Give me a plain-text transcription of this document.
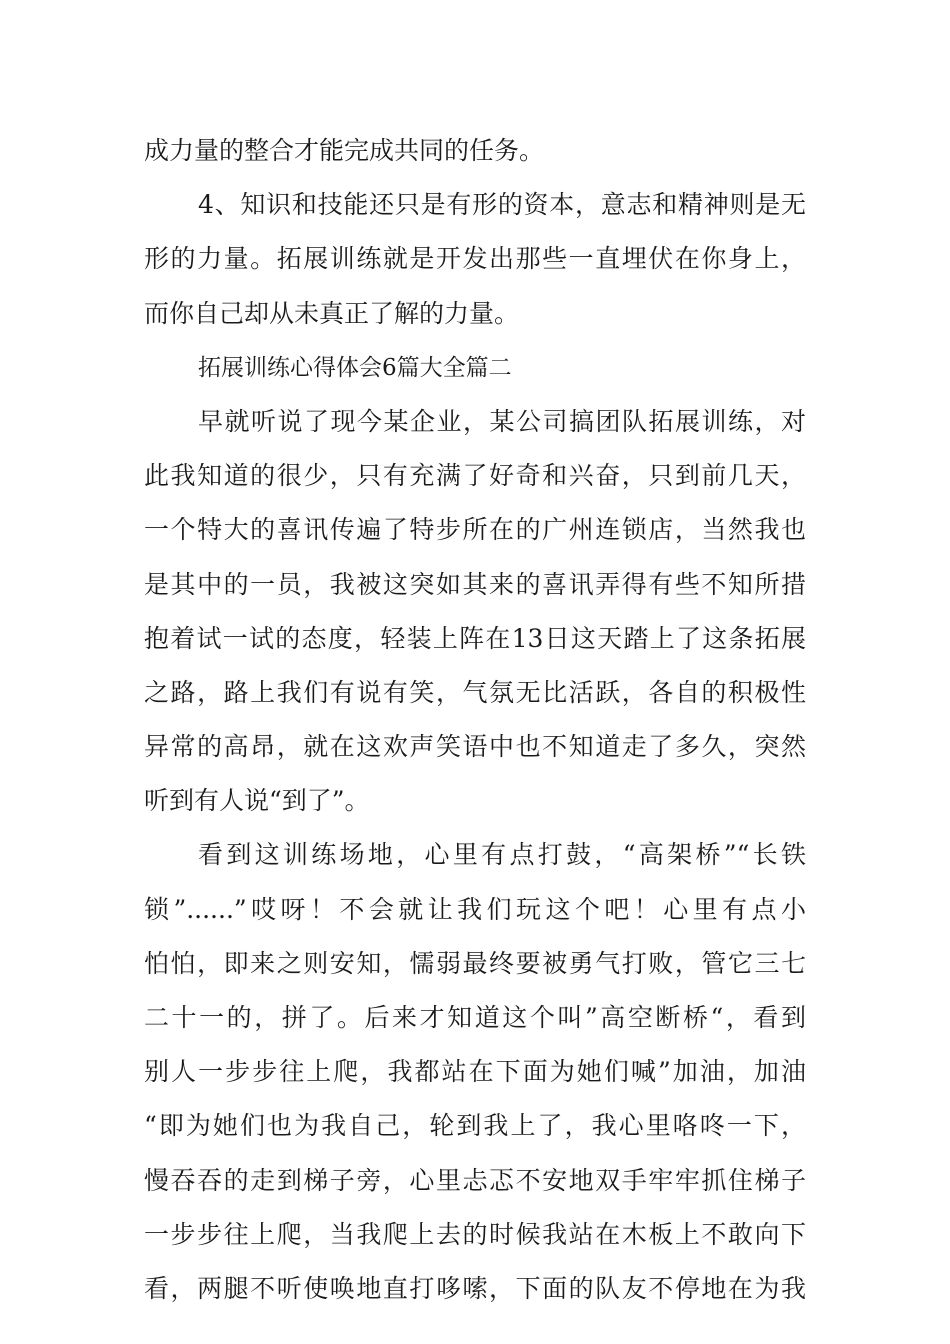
成力量的整合才能完成共同的任务。
4、知识和技能还只是有形的资本，意志和精神则是无
形的力量。拓展训练就是开发出那些一直埋伏在你身上，
而你自己却从未真正了解的力量。
拓展训练心得体会6篇大全篇二
早就听说了现今某企业，某公司搞团队拓展训练，对
此我知道的很少，只有充满了好奇和兴奋，只到前几天，
一个特大的喜讯传遍了特步所在的广州连锁店，当然我也
是其中的一员，我被这突如其来的喜讯弄得有些不知所措
抱着试一试的态度，轻装上阵在13日这天踏上了这条拓展
之路，路上我们有说有笑，气氛无比活跃，各自的积极性
异常的高昂，就在这欢声笑语中也不知道走了多久，突然
听到有人说“到了”。
看到这训练场地，心里有点打鼓，“高架桥”“长铁
锁”......”哎呀！不会就让我们玩这个吧！心里有点小
怕怕，即来之则安知，懦弱最终要被勇气打败，管它三七
二十一的，拼了。后来才知道这个叫”高空断桥“，看到
别人一步步往上爬，我都站在下面为她们喊”加油，加油
“即为她们也为我自己，轮到我上了，我心里咯咚一下，
慢吞吞的走到梯子旁，心里忐忑不安地双手牢牢抓住梯子
一步步往上爬，当我爬上去的时候我站在木板上不敢向下
看，两腿不听使唤地直打哆嗦，下面的队友不停地在为我
